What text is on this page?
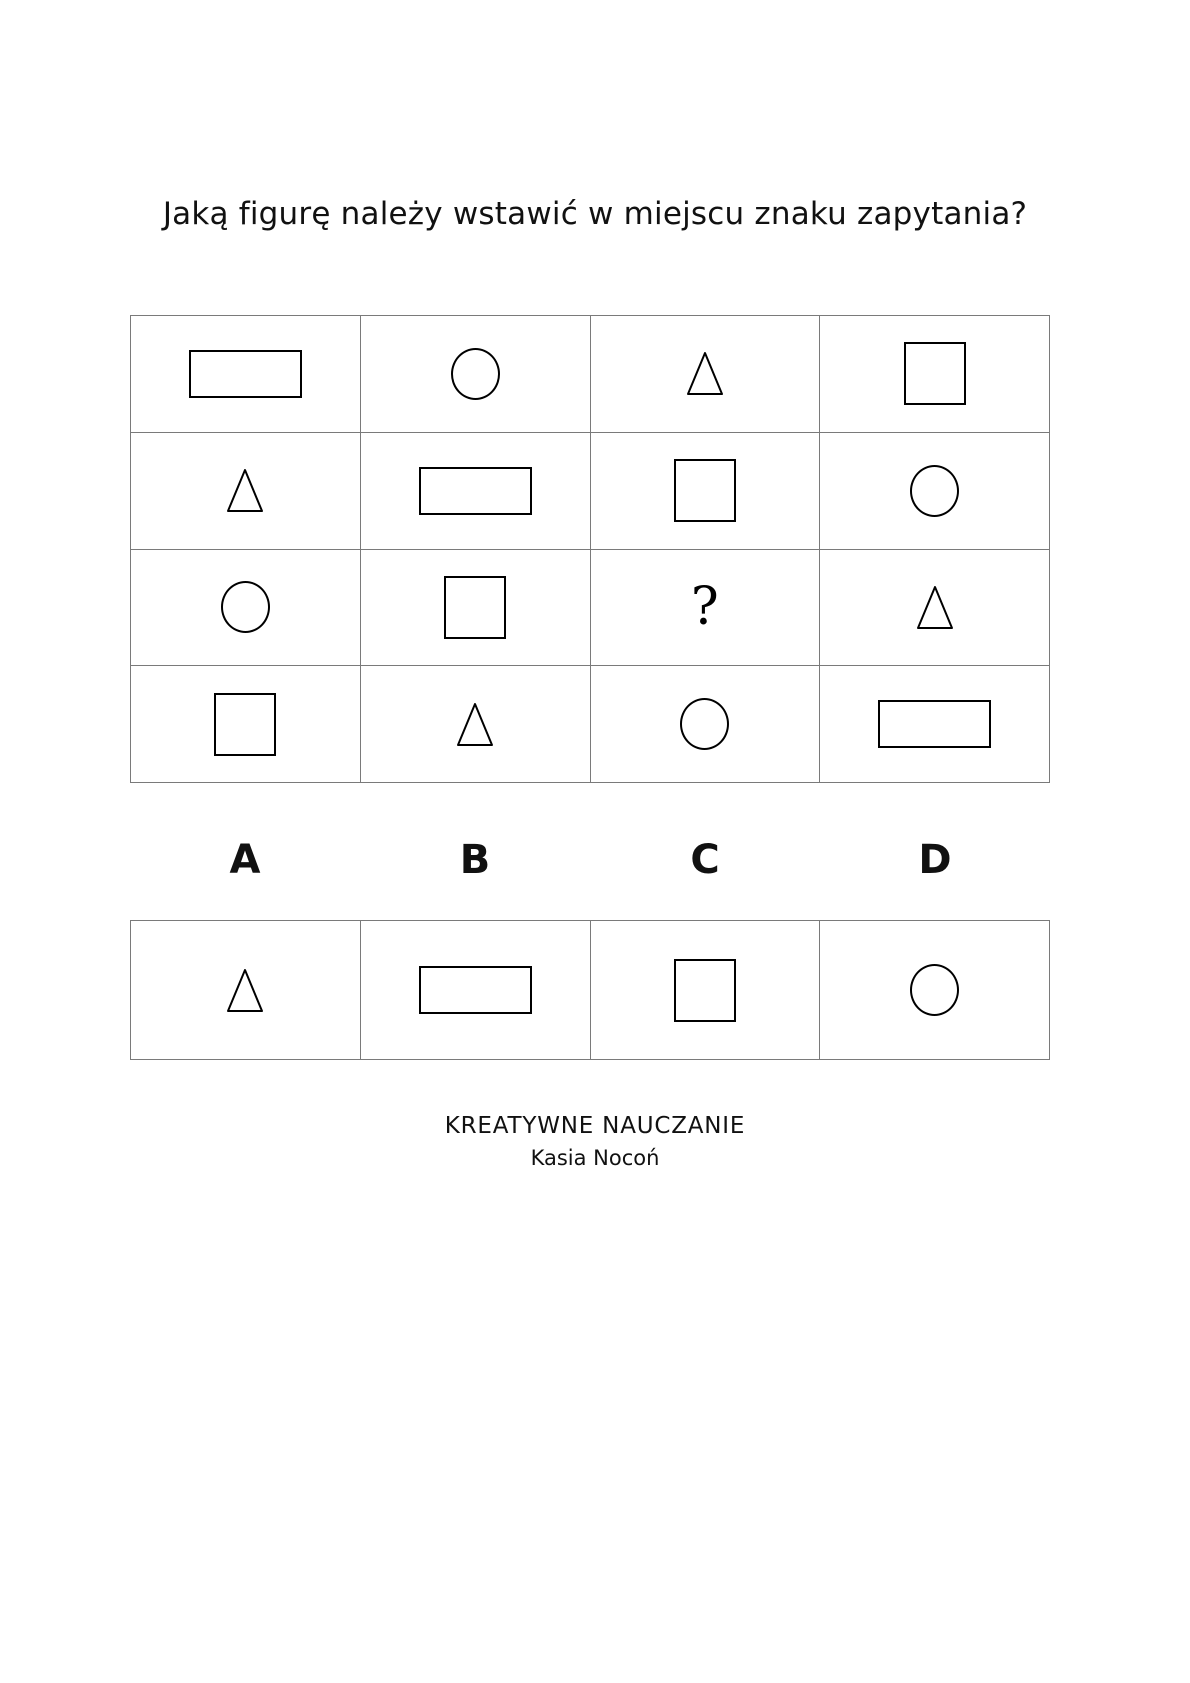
Jaką figurę należy wstawić w miejscu znaku zapytania?
?
A	B	C	D
KREATYWNE NAUCZANIE
Kasia Nocoń
